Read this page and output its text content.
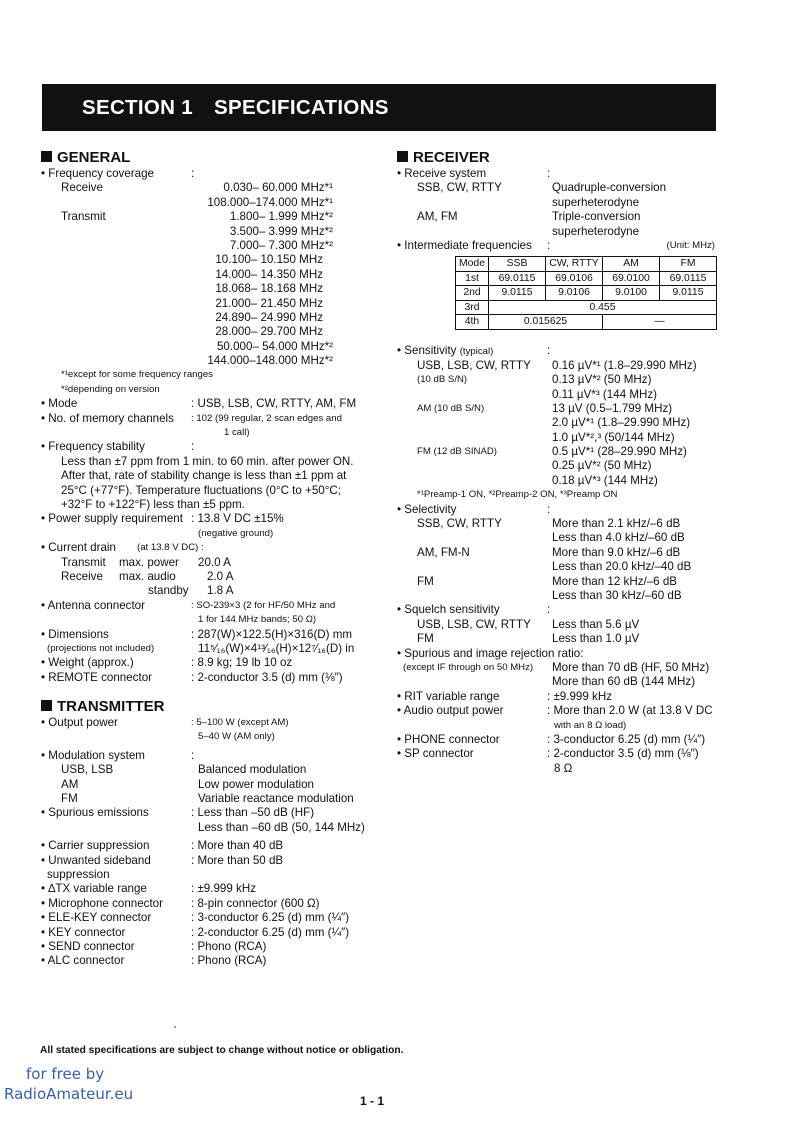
SECTION 1 SPECIFICATIONS
GENERAL
• Frequency coverage	:
Receive	0.030– 60.000 MHz*¹
108.000–174.000 MHz*¹
Transmit	1.800– 1.999 MHz*²
3.500– 3.999 MHz*²
7.000– 7.300 MHz*²
10.100– 10.150 MHz
14.000– 14.350 MHz
18.068– 18.168 MHz
21.000– 21.450 MHz
24.890– 24.990 MHz
28.000– 29.700 MHz
50.000– 54.000 MHz*²
144.000–148.000 MHz*²
*¹except for some frequency ranges
*²depending on version
• Mode	: USB, LSB, CW, RTTY, AM, FM
• No. of memory channels : 102 (99 regular, 2 scan edges and
1 call)
• Frequency stability	:
Less than ±7 ppm from 1 min. to 60 min. after power ON.
After that, rate of stability change is less than ±1 ppm at
25°C (+77°F). Temperature fluctuations (0°C to +50°C;
+32°F to +122°F) less than ±5 ppm.
• Power supply requirement : 13.8 V DC ±15%
(negative ground)
• Current drain (at 13.8 V DC) :
Transmit max. power 20.0 A
Receive max. audio	2.0 A
standby 1.8 A
• Antenna connector	: SO-239×3 (2 for HF/50 MHz and
1 for 144 MHz bands; 50 Ω)
• Dimensions	: 287(W)×122.5(H)×316(D) mm
(projections not included)	11⁵⁄₁₆(W)×4¹³⁄₁₆(H)×12⁷⁄₁₆(D) in
• Weight (approx.)	: 8.9 kg; 19 lb 10 oz
• REMOTE connector	: 2-conductor 3.5 (d) mm (⅛″)
TRANSMITTER
• Output power	: 5–100 W (except AM)
5–40 W (AM only)
• Modulation system	:
USB, LSB	Balanced modulation
AM	Low power modulation
FM	Variable reactance modulation
• Spurious emissions	: Less than –50 dB (HF)
Less than –60 dB (50, 144 MHz)
• Carrier suppression	: More than 40 dB
• Unwanted sideband	: More than 50 dB
suppression
• ∆TX variable range	: ±9.999 kHz
• Microphone connector : 8-pin connector (600 Ω)
• ELE-KEY connector	: 3-conductor 6.25 (d) mm (¼″)
• KEY connector	: 2-conductor 6.25 (d) mm (¼″)
• SEND connector	: Phono (RCA)
• ALC connector	: Phono (RCA)
RECEIVER
• Receive system	:
SSB, CW, RTTY	Quadruple-conversion
superheterodyne
AM, FM	Triple-conversion
superheterodyne
• Intermediate frequencies :	(Unit: MHz)
Mode	SSB	CW, RTTY	AM	FM
1st	69.0115	69.0106	69.0100	69.0115
2nd	9.0115	9.0106	9.0100	9.0115
3rd	0.455			
4th	0.015625		—	
• Sensitivity (typical)	:
USB, LSB, CW, RTTY 0.16 µV*¹ (1.8–29.990 MHz)
(10 dB S/N)	0.13 µV*² (50 MHz)
0.11 µV*³ (144 MHz)
AM (10 dB S/N)	13 µV (0.5–1.799 MHz)
2.0 µV*¹ (1.8–29.990 MHz)
1.0 µV*²,³ (50/144 MHz)
FM (12 dB SINAD)	0.5 µV*¹ (28–29.990 MHz)
0.25 µV*² (50 MHz)
0.18 µV*³ (144 MHz)
*¹Preamp-1 ON, *²Preamp-2 ON, *³Preamp ON
• Selectivity	:
SSB, CW, RTTY	More than 2.1 kHz/–6 dB
Less than 4.0 kHz/–60 dB
AM, FM-N	More than 9.0 kHz/–6 dB
Less than 20.0 kHz/–40 dB
FM	More than 12 kHz/–6 dB
Less than 30 kHz/–60 dB
• Squelch sensitivity	:
USB, LSB, CW, RTTY Less than 5.6 µV
FM	Less than 1.0 µV
• Spurious and image rejection ratio:
(except IF through on 50 MHz) More than 70 dB (HF, 50 MHz)
More than 60 dB (144 MHz)
• RIT variable range	: ±9.999 kHz
• Audio output power	: More than 2.0 W (at 13.8 V DC
with an 8 Ω load)
• PHONE connector	: 3-conductor 6.25 (d) mm (¼″)
• SP connector	: 2-conductor 3.5 (d) mm (⅛″)
8 Ω
All stated specifications are subject to change without notice or obligation.
for free by
RadioAmateur.eu	1 - 1
